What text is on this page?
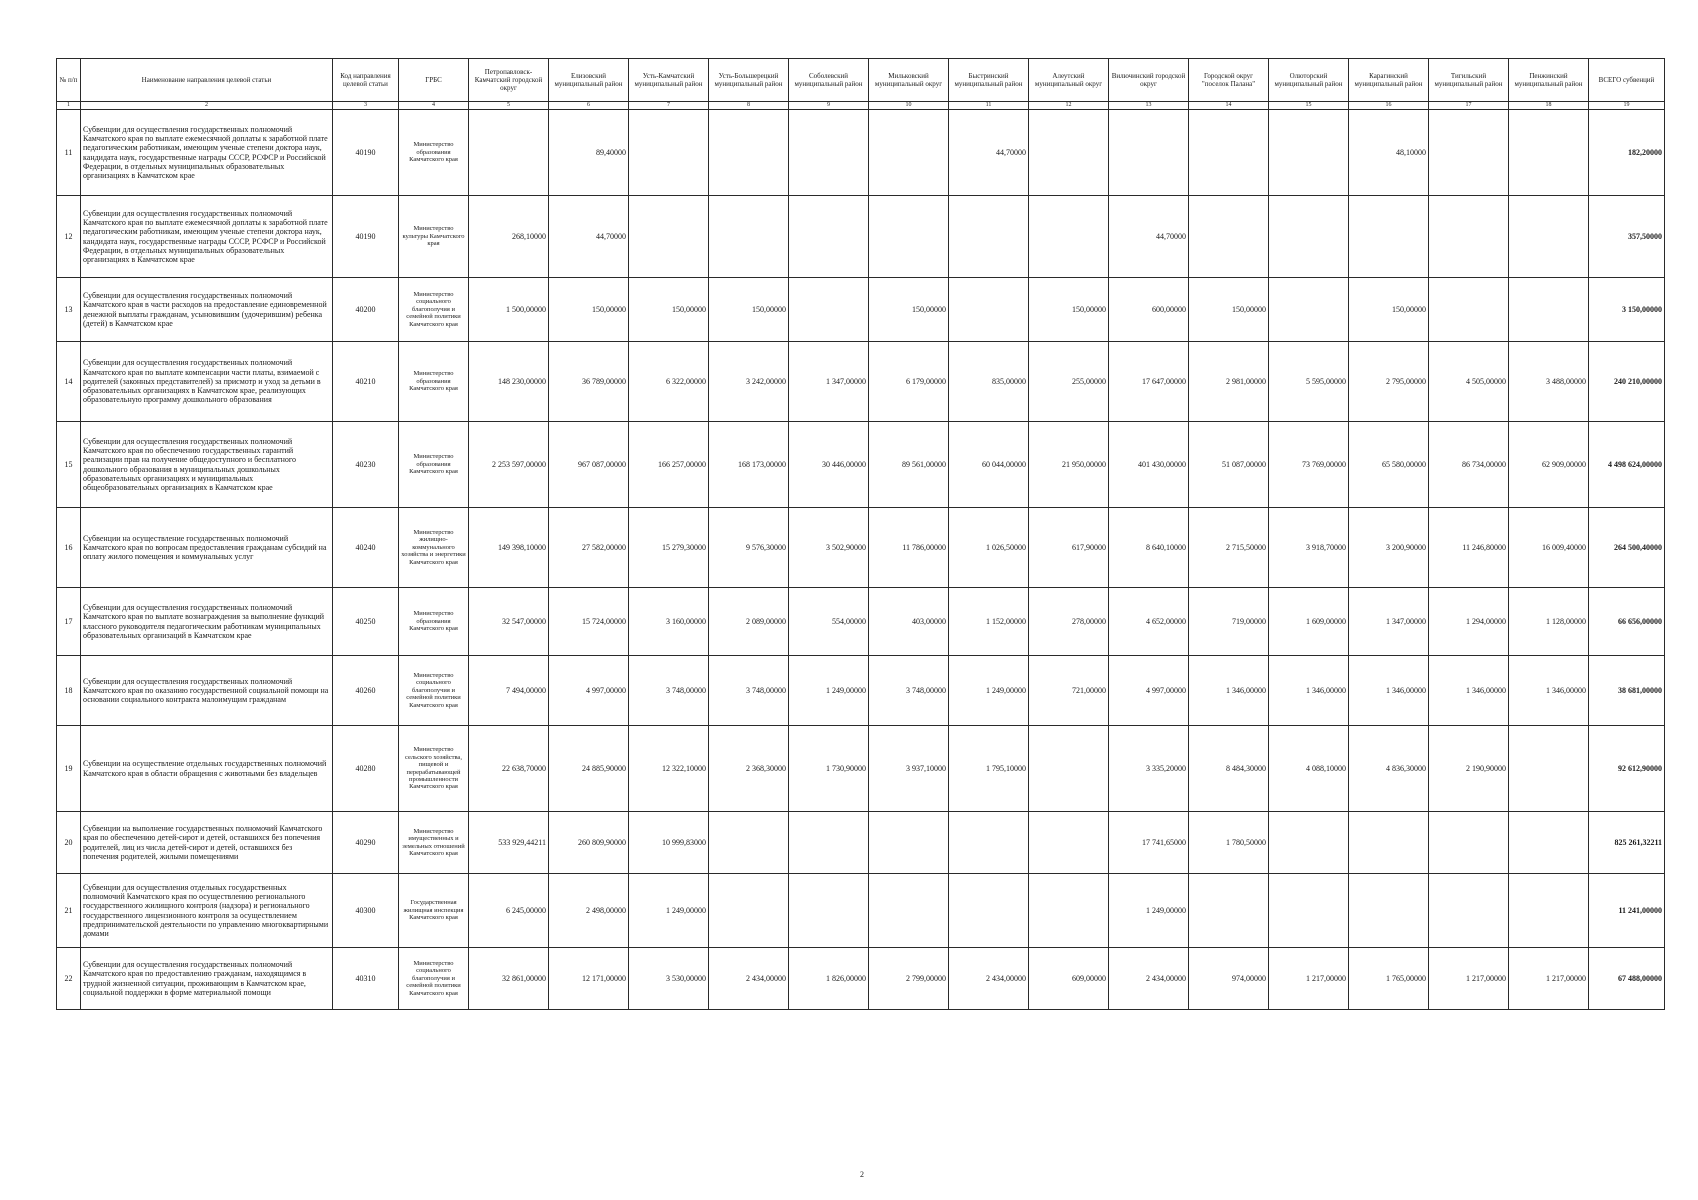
№ п/п	Наименование направления целевой статьи	Код направления целевой статьи	ГРБС	Петропавловск-Камчатский городской округ	Елизовский муниципальный район	Усть-Камчатский муниципальный район	Усть-Большерецкий муниципальный район	Соболевский муниципальный район	Мильковский муниципальный округ	Быстринский муниципальный район	Алеутский муниципальный округ	Вилючинский городской округ	Городской округ "поселок Палана"	Олюторский муниципальный район	Карагинский муниципальный район	Тигильский муниципальный район	Пенжинский муниципальный район	ВСЕГО субвенций
1	2	3	4	5	6	7	8	9	10	11	12	13	14	15	16	17	18	19
11	Субвенции для осуществления государственных полномочий Камчатского края по выплате ежемесячной доплаты к заработной плате педагогическим работникам, имеющим ученые степени доктора наук, кандидата наук, государственные награды СССР, РСФСР и Российской Федерации, в отдельных муниципальных образовательных организациях в Камчатском крае	40190	Министерство образования Камчатского края		89,40000					44,70000					48,10000			182,20000
12	Субвенции для осуществления государственных полномочий Камчатского края по выплате ежемесячной доплаты к заработной плате педагогическим работникам, имеющим ученые степени доктора наук, кандидата наук, государственные награды СССР, РСФСР и Российской Федерации, в отдельных муниципальных образовательных организациях в Камчатском крае	40190	Министерство культуры Камчатского края	268,10000	44,70000							44,70000						357,50000
13	Субвенции для осуществления государственных полномочий Камчатского края в части расходов на предоставление единовременной денежной выплаты гражданам, усыновившим (удочерившим) ребенка (детей) в Камчатском крае	40200	Министерство социального благополучия и семейной политики Камчатского края	1 500,00000	150,00000	150,00000	150,00000		150,00000		150,00000	600,00000	150,00000		150,00000			3 150,00000
14	Субвенции для осуществления государственных полномочий Камчатского края по выплате компенсации части платы, взимаемой с родителей (законных представителей) за присмотр и уход за детьми в образовательных организациях в Камчатском крае, реализующих образовательную программу дошкольного образования	40210	Министерство образования Камчатского края	148 230,00000	36 789,00000	6 322,00000	3 242,00000	1 347,00000	6 179,00000	835,00000	255,00000	17 647,00000	2 981,00000	5 595,00000	2 795,00000	4 505,00000	3 488,00000	240 210,00000
15	Субвенции для осуществления государственных полномочий Камчатского края по обеспечению государственных гарантий реализации прав на получение общедоступного и бесплатного дошкольного образования в муниципальных дошкольных образовательных организациях и муниципальных общеобразовательных организациях в Камчатском крае	40230	Министерство образования Камчатского края	2 253 597,00000	967 087,00000	166 257,00000	168 173,00000	30 446,00000	89 561,00000	60 044,00000	21 950,00000	401 430,00000	51 087,00000	73 769,00000	65 580,00000	86 734,00000	62 909,00000	4 498 624,00000
16	Субвенции на осуществление государственных полномочий Камчатского края по вопросам предоставления гражданам субсидий на оплату жилого помещения и коммунальных услуг	40240	Министерство жилищно-коммунального хозяйства и энергетики Камчатского края	149 398,10000	27 582,00000	15 279,30000	9 576,30000	3 502,90000	11 786,00000	1 026,50000	617,90000	8 640,10000	2 715,50000	3 918,70000	3 200,90000	11 246,80000	16 009,40000	264 500,40000
17	Субвенции для осуществления государственных полномочий Камчатского края по выплате вознаграждения за выполнение функций классного руководителя педагогическим работникам муниципальных образовательных организаций в Камчатском крае	40250	Министерство образования Камчатского края	32 547,00000	15 724,00000	3 160,00000	2 089,00000	554,00000	403,00000	1 152,00000	278,00000	4 652,00000	719,00000	1 609,00000	1 347,00000	1 294,00000	1 128,00000	66 656,00000
18	Субвенции для осуществления государственных полномочий Камчатского края по оказанию государственной социальной помощи на основании социального контракта малоимущим гражданам	40260	Министерство социального благополучия и семейной политики Камчатского края	7 494,00000	4 997,00000	3 748,00000	3 748,00000	1 249,00000	3 748,00000	1 249,00000	721,00000	4 997,00000	1 346,00000	1 346,00000	1 346,00000	1 346,00000	1 346,00000	38 681,00000
19	Субвенции на осуществление отдельных государственных полномочий Камчатского края в области обращения с животными без владельцев	40280	Министерство сельского хозяйства, пищевой и перерабатывающей промышленности Камчатского края	22 638,70000	24 885,90000	12 322,10000	2 368,30000	1 730,90000	3 937,10000	1 795,10000		3 335,20000	8 484,30000	4 088,10000	4 836,30000	2 190,90000		92 612,90000
20	Субвенции на выполнение государственных полномочий Камчатского края по обеспечению детей-сирот и детей, оставшихся без попечения родителей, лиц из числа детей-сирот и детей, оставшихся без попечения родителей, жилыми помещениями	40290	Министерство имущественных и земельных отношений Камчатского края	533 929,44211	260 809,90000	10 999,83000						17 741,65000	1 780,50000					825 261,32211
21	Субвенции для осуществления отдельных государственных полномочий Камчатского края по осуществлению регионального государственного жилищного контроля (надзора) и регионального государственного лицензионного контроля за осуществлением предпринимательской деятельности по управлению многоквартирными домами	40300	Государственная жилищная инспекция Камчатского края	6 245,00000	2 498,00000	1 249,00000						1 249,00000						11 241,00000
22	Субвенции для осуществления государственных полномочий Камчатского края по предоставлению гражданам, находящимся в трудной жизненной ситуации, проживающим в Камчатском крае, социальной поддержки в форме материальной помощи	40310	Министерство социального благополучия и семейной политики Камчатского края	32 861,00000	12 171,00000	3 530,00000	2 434,00000	1 826,00000	2 799,00000	2 434,00000	609,00000	2 434,00000	974,00000	1 217,00000	1 765,00000	1 217,00000	1 217,00000	67 488,00000
2
